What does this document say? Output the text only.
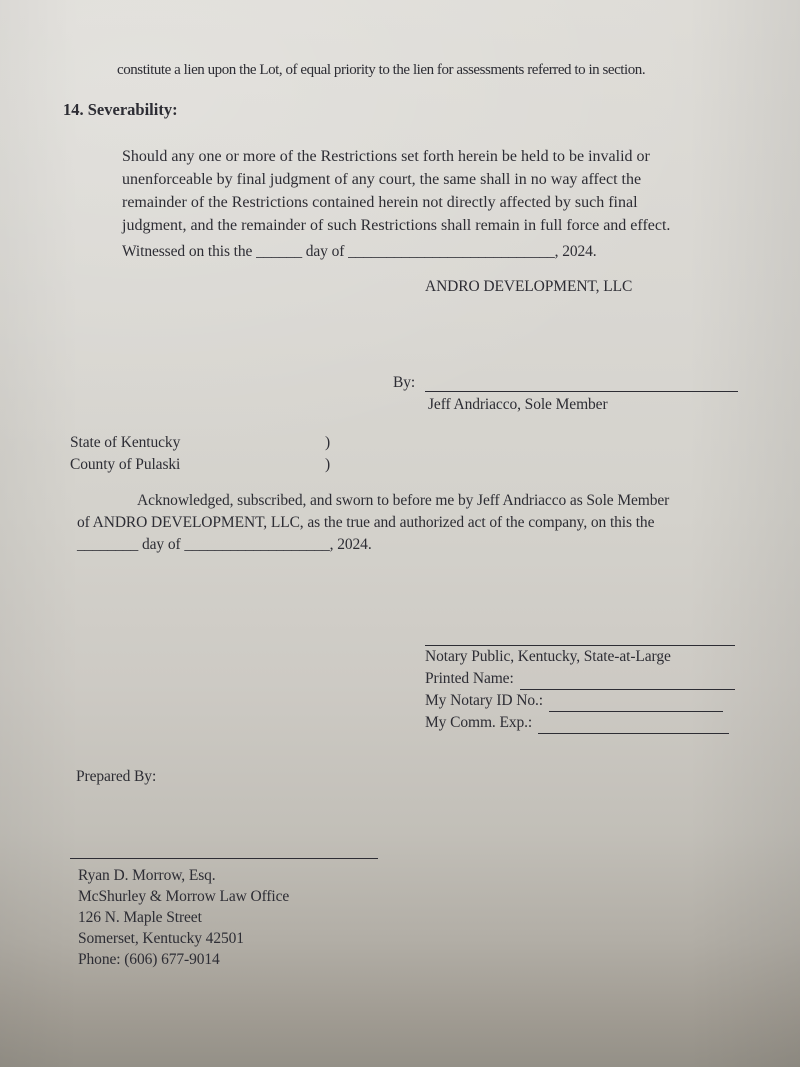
constitute a lien upon the Lot, of equal priority to the lien for assessments referred to in section.
14. Severability:
Should any one or more of the Restrictions set forth herein be held to be invalid or
unenforceable by final judgment of any court, the same shall in no way affect the
remainder of the Restrictions contained herein not directly affected by such final
judgment, and the remainder of such Restrictions shall remain in full force and effect.
Witnessed on this the ______ day of ___________________________, 2024.
ANDRO DEVELOPMENT, LLC
By:
Jeff Andriacco, Sole Member
State of Kentucky	)
County of Pulaski	)
Acknowledged, subscribed, and sworn to before me by Jeff Andriacco as Sole Member
of ANDRO DEVELOPMENT, LLC, as the true and authorized act of the company, on this the
________ day of ___________________, 2024.
Notary Public, Kentucky, State-at-Large
Printed Name:
My Notary ID No.:
My Comm. Exp.:
Prepared By:
Ryan D. Morrow, Esq.
McShurley & Morrow Law Office
126 N. Maple Street
Somerset, Kentucky 42501
Phone: (606) 677-9014
